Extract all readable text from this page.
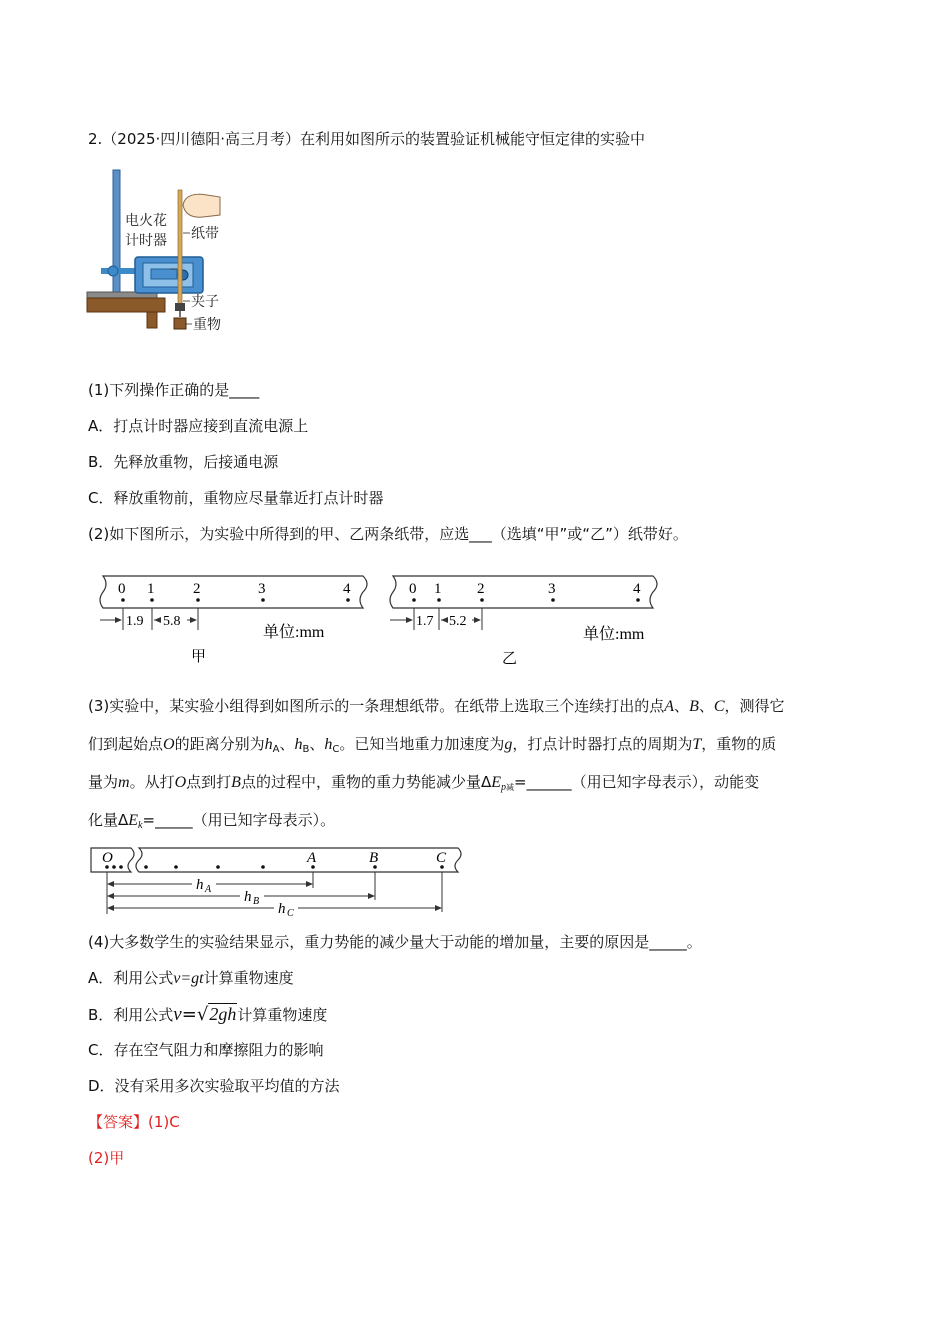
2.（2025·四川德阳·高三月考）在利用如图所示的装置验证机械能守恒定律的实验中
电火花
计时器 纸带
夹子
重物
(1)下列操作正确的是____
A．打点计时器应接到直流电源上
B．先释放重物，后接通电源
C．释放重物前，重物应尽量靠近打点计时器
(2)如下图所示，为实验中所得到的甲、乙两条纸带，应选___（选填“甲”或“乙”）纸带好。
0 1	2	3	4
1.9 5.8
单位:mm
甲
0 1 2	3	4
1.7 5.2
单位:mm
乙
(3)实验中，某实验小组得到如图所示的一条理想纸带。在纸带上选取三个连续打出的点A、B、C，测得它
们到起始点O的距离分别为$h_A$、$h_B$、$h_C$。已知当地重力加速度为g，打点计时器打点的周期为T，重物的质
量为m。从打O点到打B点的过程中，重物的重力势能减少量$\Delta E_{p减}=\_\_\_\_\_\_$（用已知字母表示），动能变
化量$\Delta E_k=\_\_\_\_\_$（用已知字母表示）。
O	A	B	C
h A h B h C
(4)大多数学生的实验结果显示，重力势能的减少量大于动能的增加量，主要的原因是_____。
A．利用公式v=gt计算重物速度
B．利用公式v=√2gh计算重物速度
C．存在空气阻力和摩擦阻力的影响
D．没有采用多次实验取平均值的方法
【答案】(1)C
(2)甲
